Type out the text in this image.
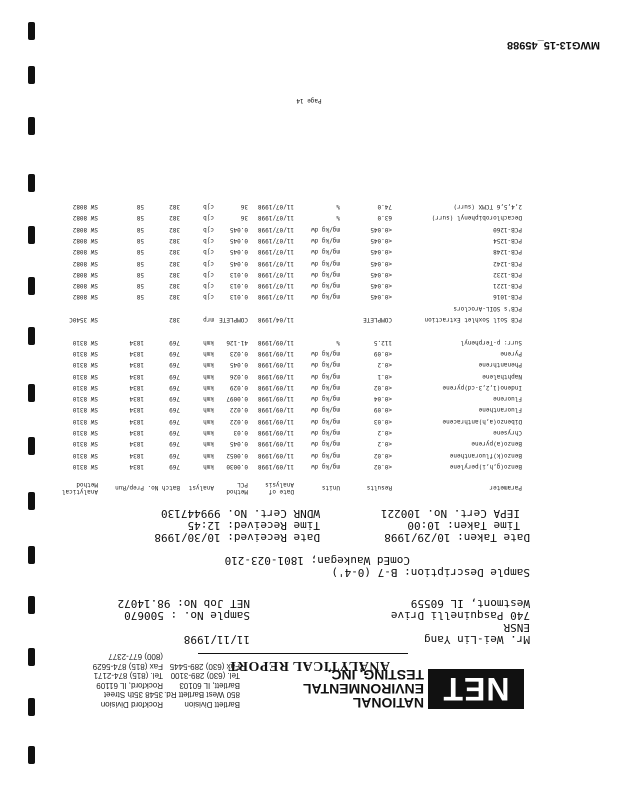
NET
NATIONAL
ENVIRONMENTAL
TESTING, INC.
Bartlett Division
850 West Bartlett Rd.
Bartlett, IL 60103
Tel. (630) 289-3100
Fax (630) 289-5445
Rockford Division
3548 35th Street
Rockford, IL 61109
Tel. (815) 874-2171
Fax (815) 874-5629
(800) 677-2377
ANALYTICAL REPORT
Mr. Wei-Lin Yang
ENSR
740 Pasquinelli Drive
Westmont, IL 60559
11/11/1998
Sample No. : 500670
NET Job No: 98.14072
Sample Description: B-7 (0-4')
ComEd Waukegan; 1801-023-210
Date Taken: 10/29/1998
Time Taken: 10:00
IEPA Cert. No. 100221
Date Received: 10/30/1998
Time Received: 12:45
WDNR Cert. No. 999447130
Parameter
Results
Units
Date of Analysis
Method PCL
Analyst
Batch No.
Prep/Run
Analytical Method
Benzo(g,h,i)perylene
<0.02
mg/kg dw
11/09/1998
0.0030
kmh
769
1834
SW 8310
Benzo(k)fluoranthene
<0.02
mg/kg dw
11/09/1998
0.0052
kmh
769
1834
SW 8310
Benzo(a)pyrene
<0.2
mg/kg dw
11/09/1998
0.045
kmh
769
1834
SW 8310
Chrysene
<0.2
mg/kg dw
11/09/1998
0.03
kmh
769
1834
SW 8310
Dibenzo(a,h)anthracene
<0.03
mg/kg dw
11/09/1998
0.022
kmh
769
1834
SW 8310
Fluoranthene
<0.09
mg/kg dw
11/09/1998
0.022
kmh
769
1834
SW 8310
Fluorene
<0.04
mg/kg dw
11/09/1998
0.0097
kmh
769
1834
SW 8310
Indeno(1,2,3-cd)pyrene
<0.02
mg/kg dw
11/09/1998
0.029
kmh
769
1834
SW 8310
Naphthalene
<0.1
mg/kg dw
11/09/1998
0.026
kmh
769
1834
SW 8310
Phenanthrene
<0.2
mg/kg dw
11/09/1998
0.045
kmh
769
1834
SW 8310
Pyrene
<0.09
mg/kg dw
11/09/1998
0.023
kmh
769
1834
SW 8310
Surr: p-Terphenyl
112.5
%
11/09/1998
41-126
kmh
769
1834
SW 8310
PCB Soil Soxhlet Extraction
COMPLETE
11/04/1998
COMPLETE
mrp
382
SW 3540C
PCB's SOIL-Aroclors
PCB-1016
<0.045
mg/kg dw
11/07/1998
0.013
cjb
382
58
SW 8082
PCB-1221
<0.045
mg/kg dw
11/07/1998
0.013
cjb
382
58
SW 8082
PCB-1232
<0.045
mg/kg dw
11/07/1998
0.013
cjb
382
58
SW 8082
PCB-1242
<0.045
mg/kg dw
11/07/1998
0.045
cjb
382
58
SW 8082
PCB-1248
<0.045
mg/kg dw
11/07/1998
0.045
cjb
382
58
SW 8082
PCB-1254
<0.045
mg/kg dw
11/07/1998
0.045
cjb
382
58
SW 8082
PCB-1260
<0.045
mg/kg dw
11/07/1998
0.045
cjb
382
58
SW 8082
Decachlorobiphenyl (surr)
63.0
%
11/07/1998
36
cjb
382
58
SW 8082
2,4,5,6 TCMX (surr)
74.0
%
11/07/1998
36
cjb
382
58
SW 8082
Page 14
MWG13-15_45988
